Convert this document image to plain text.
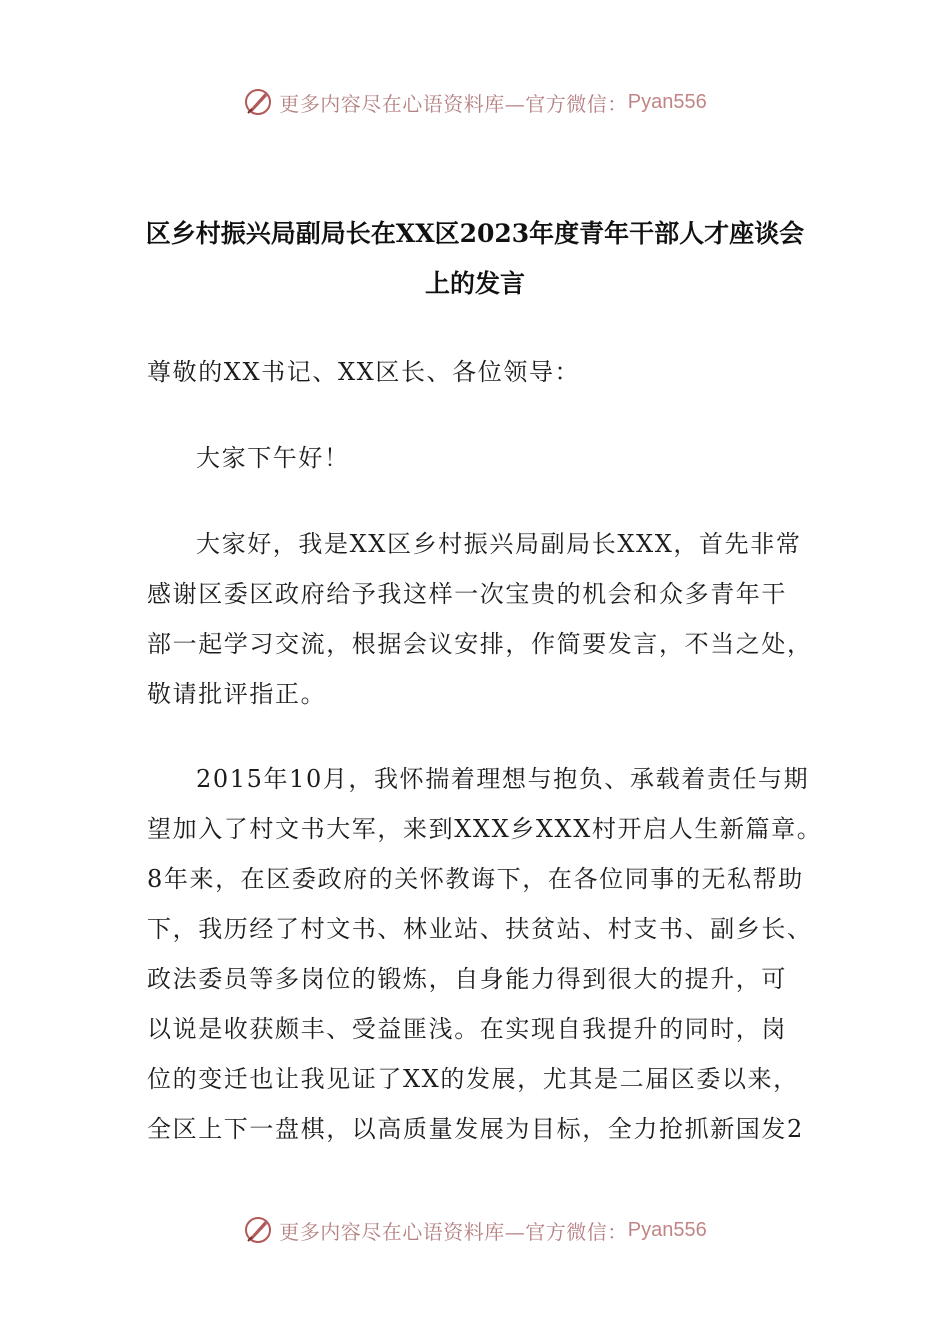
更多内容尽在心语资料库—官方微信： Pyan556
区乡村振兴局副局长在XX区2023年度青年干部人才座谈会
上的发言
尊敬的XX书记、XX区长、各位领导：
大家下午好！
大家好，我是XX区乡村振兴局副局长XXX，首先非常
感谢区委区政府给予我这样一次宝贵的机会和众多青年干
部一起学习交流，根据会议安排，作简要发言，不当之处，
敬请批评指正。
2015年10月，我怀揣着理想与抱负、承载着责任与期
望加入了村文书大军，来到XXX乡XXX村开启人生新篇章。
8年来，在区委政府的关怀教诲下，在各位同事的无私帮助
下，我历经了村文书、林业站、扶贫站、村支书、副乡长、
政法委员等多岗位的锻炼，自身能力得到很大的提升，可
以说是收获颇丰、受益匪浅。在实现自我提升的同时，岗
位的变迁也让我见证了XX的发展，尤其是二届区委以来，
全区上下一盘棋，以高质量发展为目标，全力抢抓新国发2
更多内容尽在心语资料库—官方微信： Pyan556
